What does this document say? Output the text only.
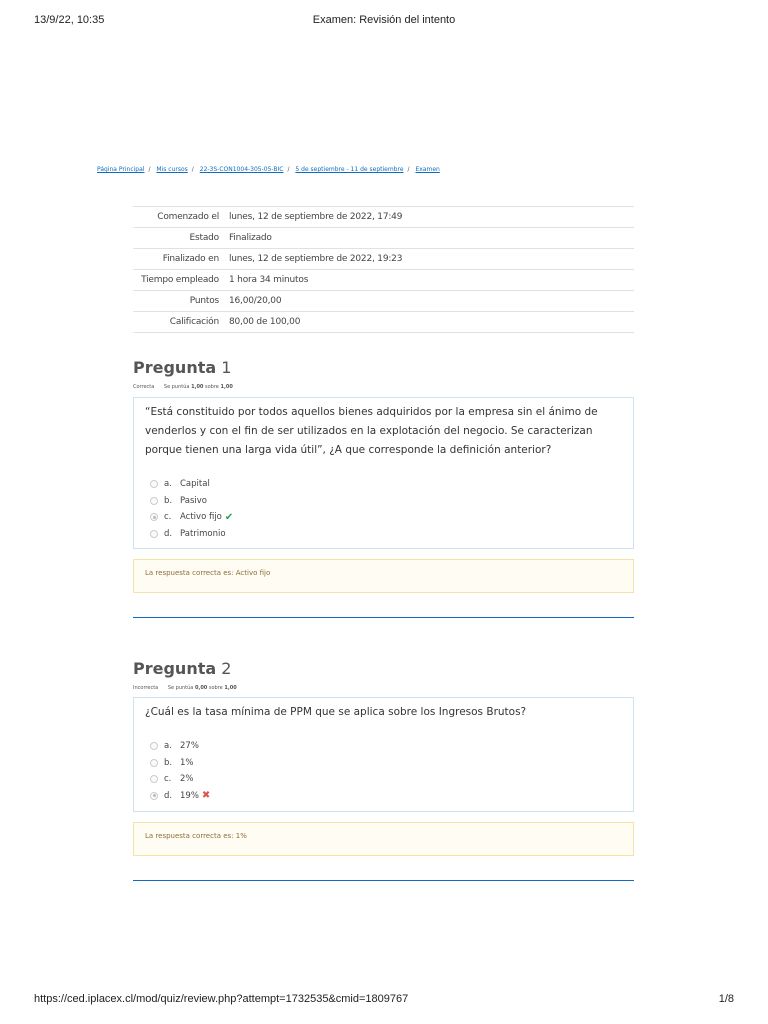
13/9/22, 10:35	Examen: Revisión del intento
Página Principal / Mis cursos / 22-3S-CON1004-305-05-BIC / 5 de septiembre - 11 de septiembre / Examen
Comenzado el	lunes, 12 de septiembre de 2022, 17:49
Estado	Finalizado
Finalizado en	lunes, 12 de septiembre de 2022, 19:23
Tiempo empleado	1 hora 34 minutos
Puntos	16,00/20,00
Calificación	80,00 de 100,00
Pregunta 1
Correcta Se puntúa 1,00 sobre 1,00

“Está constituido por todos aquellos bienes adquiridos por la empresa sin el ánimo de venderlos y con el fin de ser utilizados en la explotación del negocio. Se caracterizan porque tienen una larga vida útil”, ¿A que corresponde la definición anterior?

a. Capital
b. Pasivo
c.	Activo fijo ✔
d. Patrimonio
La respuesta correcta es: Activo fijo
Pregunta 2
Incorrecta Se puntúa 0,00 sobre 1,00

¿Cuál es la tasa mínima de PPM que se aplica sobre los Ingresos Brutos?

a. 27%
b. 1%
c.	2%
d. 19% ✖
La respuesta correcta es: 1%
https://ced.iplacex.cl/mod/quiz/review.php?attempt=1732535&cmid=1809767	1/8
